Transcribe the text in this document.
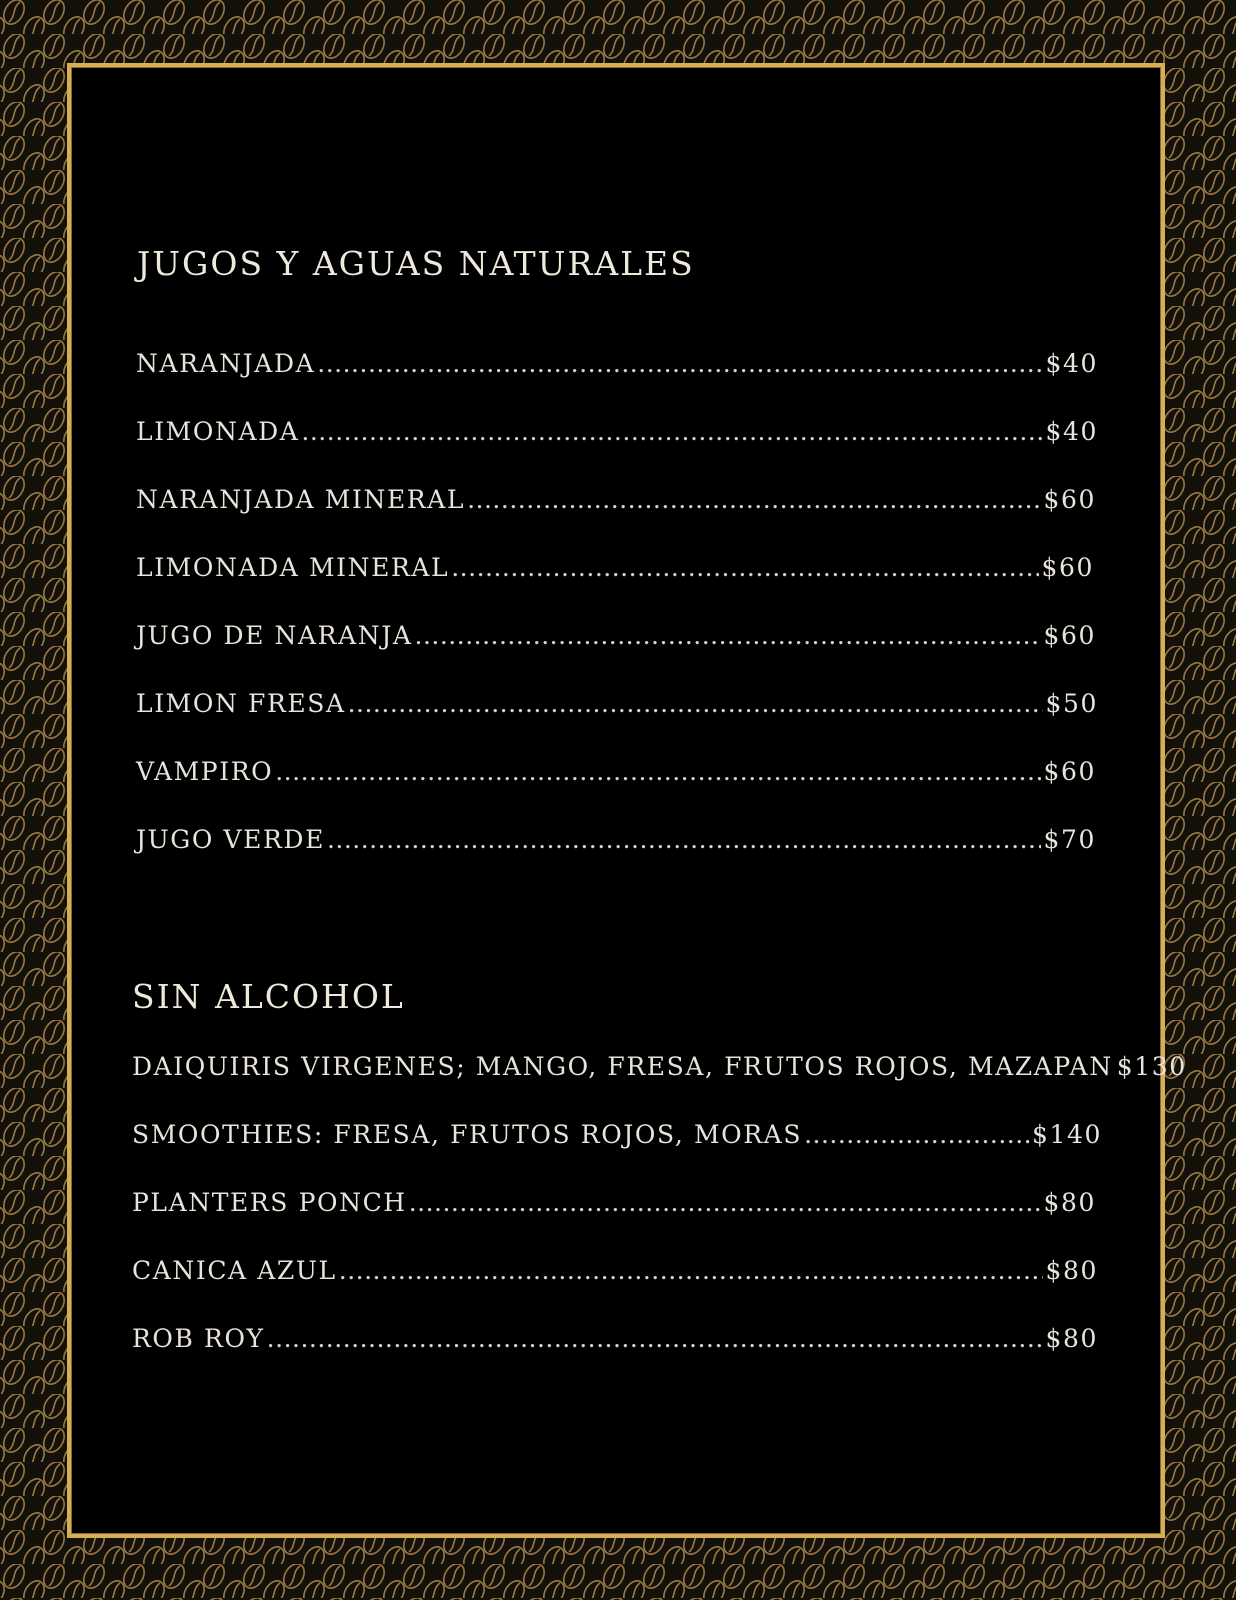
JUGOS Y AGUAS NATURALES
NARANJADA .....	$40
LIMONADA .....	$40
NARANJADA MINERAL .....	$60
LIMONADA MINERAL .....	$60
JUGO DE NARANJA .....	$60
LIMON FRESA .....	$50
VAMPIRO .....	$60
JUGO VERDE .....	$70
SIN ALCOHOL
DAIQUIRIS VIRGENES; MANGO, FRESA, FRUTOS ROJOS, MAZAPAN $130
SMOOTHIES: FRESA, FRUTOS ROJOS, MORAS .....	$140
PLANTERS PONCH .....	$80
CANICA AZUL .....	$80
ROB ROY .....	$80
